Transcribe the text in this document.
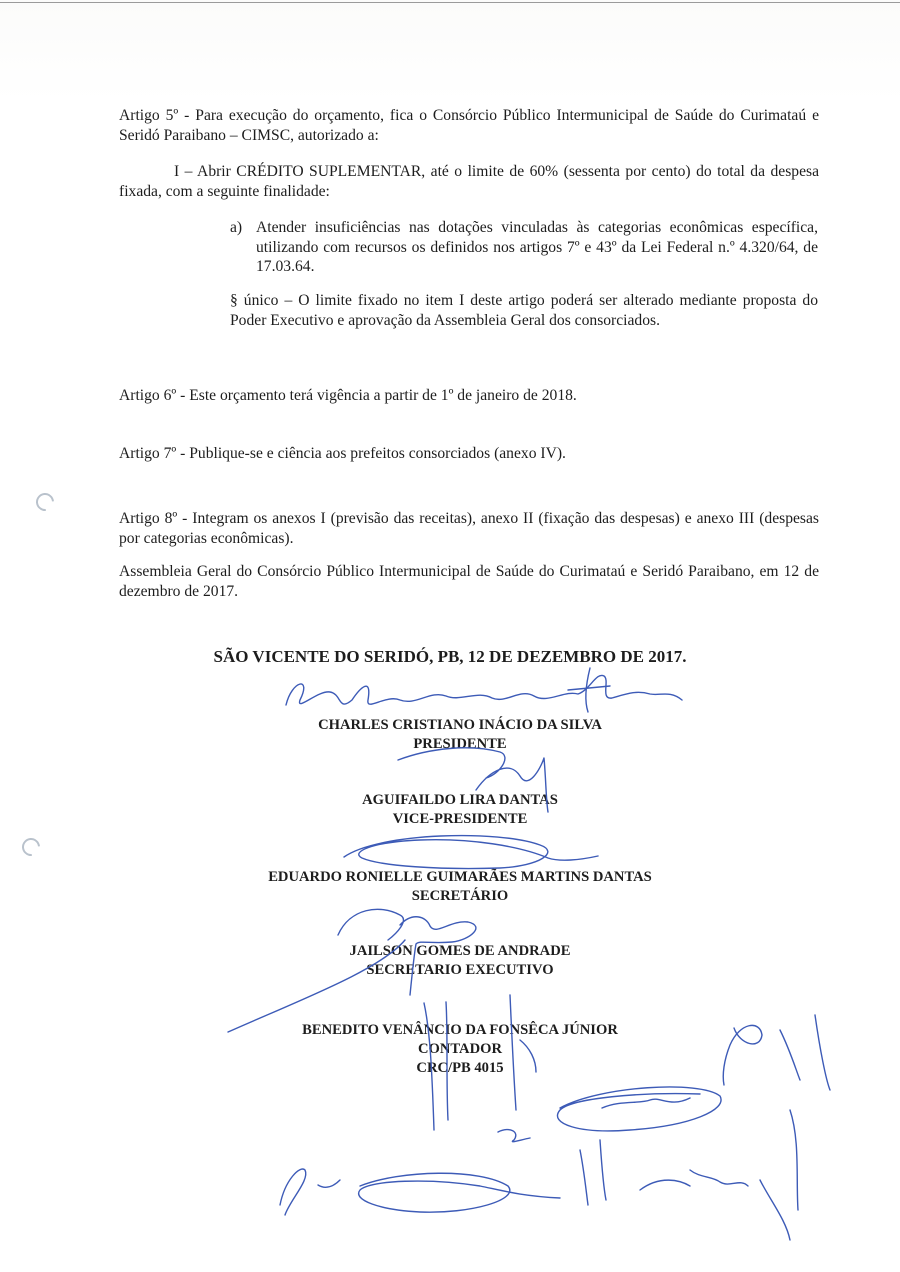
Artigo 5º - Para execução do orçamento, fica o Consórcio Público Intermunicipal de Saúde do Curimataú e Seridó Paraibano – CIMSC, autorizado a:
I – Abrir CRÉDITO SUPLEMENTAR, até o limite de 60% (sessenta por cento) do total da despesa fixada, com a seguinte finalidade:
a) Atender insuficiências nas dotações vinculadas às categorias econômicas específica, utilizando com recursos os definidos nos artigos 7º e 43º da Lei Federal n.º 4.320/64, de 17.03.64.
§ único – O limite fixado no item I deste artigo poderá ser alterado mediante proposta do Poder Executivo e aprovação da Assembleia Geral dos consorciados.
Artigo 6º - Este orçamento terá vigência a partir de 1º de janeiro de 2018.
Artigo 7º - Publique-se e ciência aos prefeitos consorciados (anexo IV).
Artigo 8º - Integram os anexos I (previsão das receitas), anexo II (fixação das despesas) e anexo III (despesas por categorias econômicas).
Assembleia Geral do Consórcio Público Intermunicipal de Saúde do Curimataú e Seridó Paraibano, em 12 de dezembro de 2017.
SÃO VICENTE DO SERIDÓ, PB, 12 DE DEZEMBRO DE 2017.
CHARLES CRISTIANO INÁCIO DA SILVA
PRESIDENTE
AGUIFAILDO LIRA DANTAS
VICE-PRESIDENTE
EDUARDO RONIELLE GUIMARÃES MARTINS DANTAS
SECRETÁRIO
JAILSON GOMES DE ANDRADE
SECRETARIO EXECUTIVO
BENEDITO VENÂNCIO DA FONSÊCA JÚNIOR
CONTADOR
CRC/PB 4015
